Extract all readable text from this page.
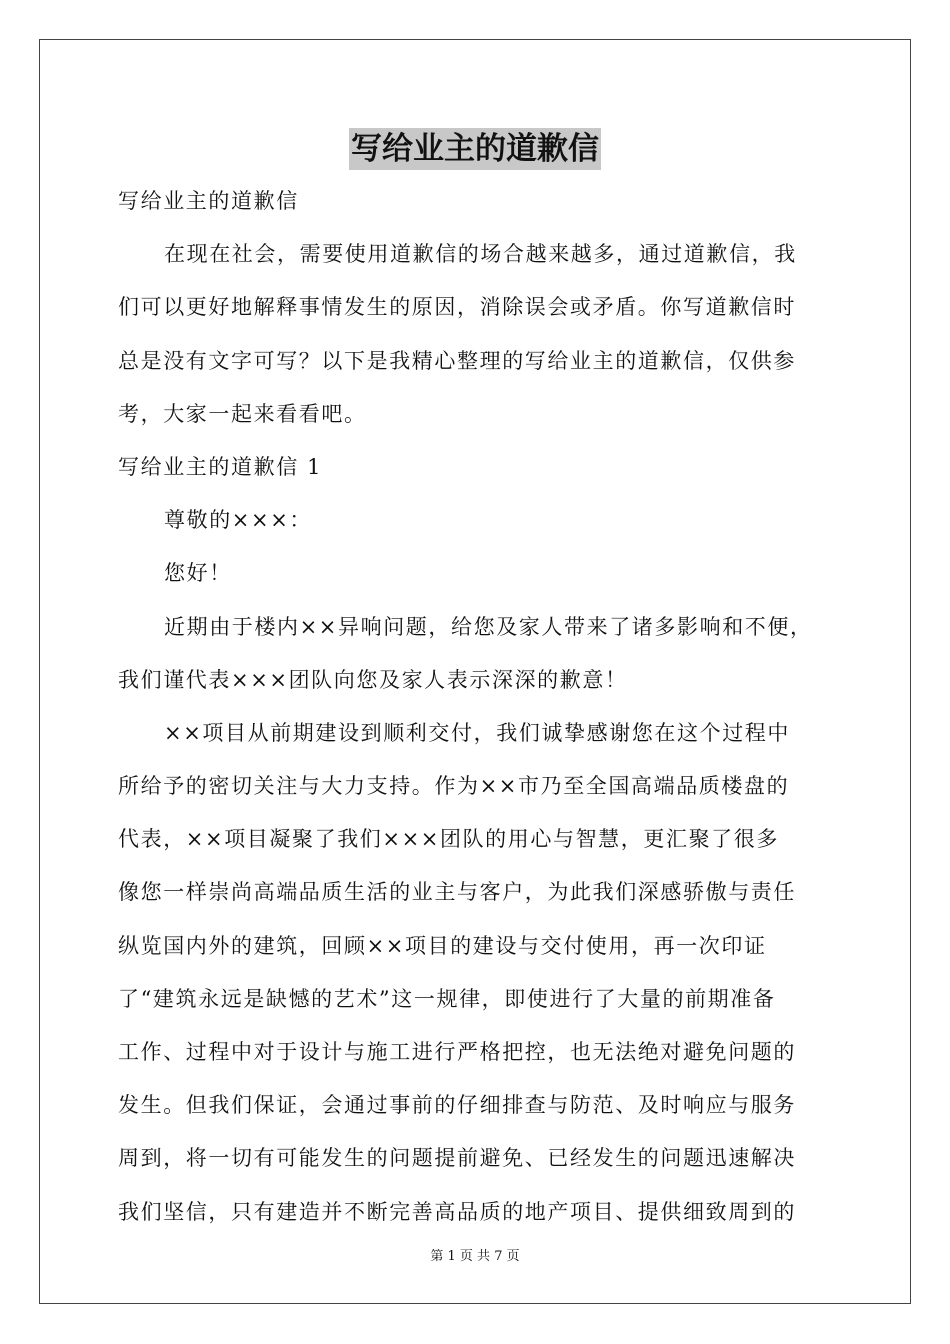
写给业主的道歉信
写给业主的道歉信
在现在社会，需要使用道歉信的场合越来越多，通过道歉信，我
们可以更好地解释事情发生的原因，消除误会或矛盾。你写道歉信时
总是没有文字可写？以下是我精心整理的写给业主的道歉信，仅供参
考，大家一起来看看吧。
写给业主的道歉信 1
尊敬的×××：
您好！
近期由于楼内××异响问题，给您及家人带来了诸多影响和不便，
我们谨代表×××团队向您及家人表示深深的歉意！
××项目从前期建设到顺利交付，我们诚挚感谢您在这个过程中
所给予的密切关注与大力支持。作为××市乃至全国高端品质楼盘的
代表，××项目凝聚了我们×××团队的用心与智慧，更汇聚了很多
像您一样崇尚高端品质生活的业主与客户，为此我们深感骄傲与责任
纵览国内外的建筑，回顾××项目的建设与交付使用，再一次印证
了“建筑永远是缺憾的艺术”这一规律，即使进行了大量的前期准备
工作、过程中对于设计与施工进行严格把控，也无法绝对避免问题的
发生。但我们保证，会通过事前的仔细排查与防范、及时响应与服务
周到，将一切有可能发生的问题提前避免、已经发生的问题迅速解决
我们坚信，只有建造并不断完善高品质的地产项目、提供细致周到的
第 1 页 共 7 页
